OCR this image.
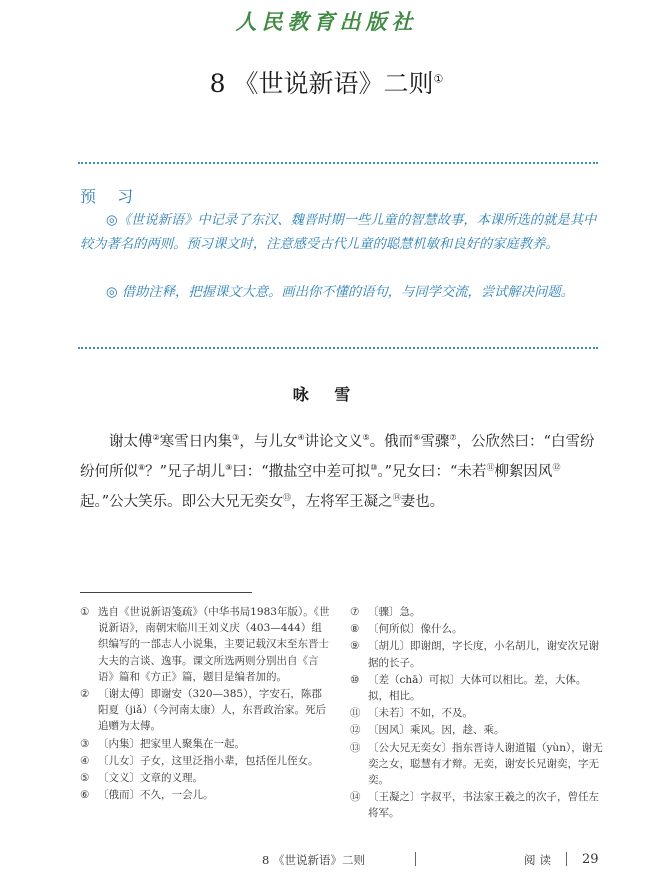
人民教育出版社
8 《世说新语》二则①
预 习
◎《世说新语》中记录了东汉、魏晋时期一些儿童的智慧故事，本课所选的就是其中较为著名的两则。预习课文时，注意感受古代儿童的聪慧机敏和良好的家庭教养。
◎ 借助注释，把握课文大意。画出你不懂的语句，与同学交流，尝试解决问题。
咏 雪
谢太傅②寒雪日内集③，与儿女④讲论文义⑤。俄而⑥雪骤⑦，公欣然曰：“白雪纷纷何所似⑧？”兄子胡儿⑨曰：“撒盐空中差可拟⑩。”兄女曰：“未若⑪柳絮因风⑫起。”公大笑乐。即公大兄无奕女⑬，左将军王凝之⑭妻也。
① 选自《世说新语笺疏》（中华书局1983年版）。《世说新语》，南朝宋临川王刘义庆（403—444）组织编写的一部志人小说集，主要记载汉末至东晋士大夫的言谈、逸事。课文所选两则分别出自《言语》篇和《方正》篇，题目是编者加的。
② 〔谢太傅〕即谢安（320—385），字安石，陈郡阳夏（jiǎ）（今河南太康）人，东晋政治家。死后追赠为太傅。
③ 〔内集〕把家里人聚集在一起。
④ 〔儿女〕子女，这里泛指小辈，包括侄儿侄女。
⑤ 〔文义〕文章的义理。
⑥ 〔俄而〕不久，一会儿。
⑦ 〔骤〕急。
⑧ 〔何所似〕像什么。
⑨ 〔胡儿〕即谢朗，字长度，小名胡儿，谢安次兄谢据的长子。
⑩ 〔差（chā）可拟〕大体可以相比。差，大体。拟，相比。
⑪ 〔未若〕不如，不及。
⑫ 〔因风〕乘风。因，趁、乘。
⑬ 〔公大兄无奕女〕指东晋诗人谢道韫（yùn），谢无奕之女，聪慧有才辩。无奕，谢安长兄谢奕，字无奕。
⑭ 〔王凝之〕字叔平，书法家王羲之的次子，曾任左将军。
8 《世说新语》二则	阅读 29
